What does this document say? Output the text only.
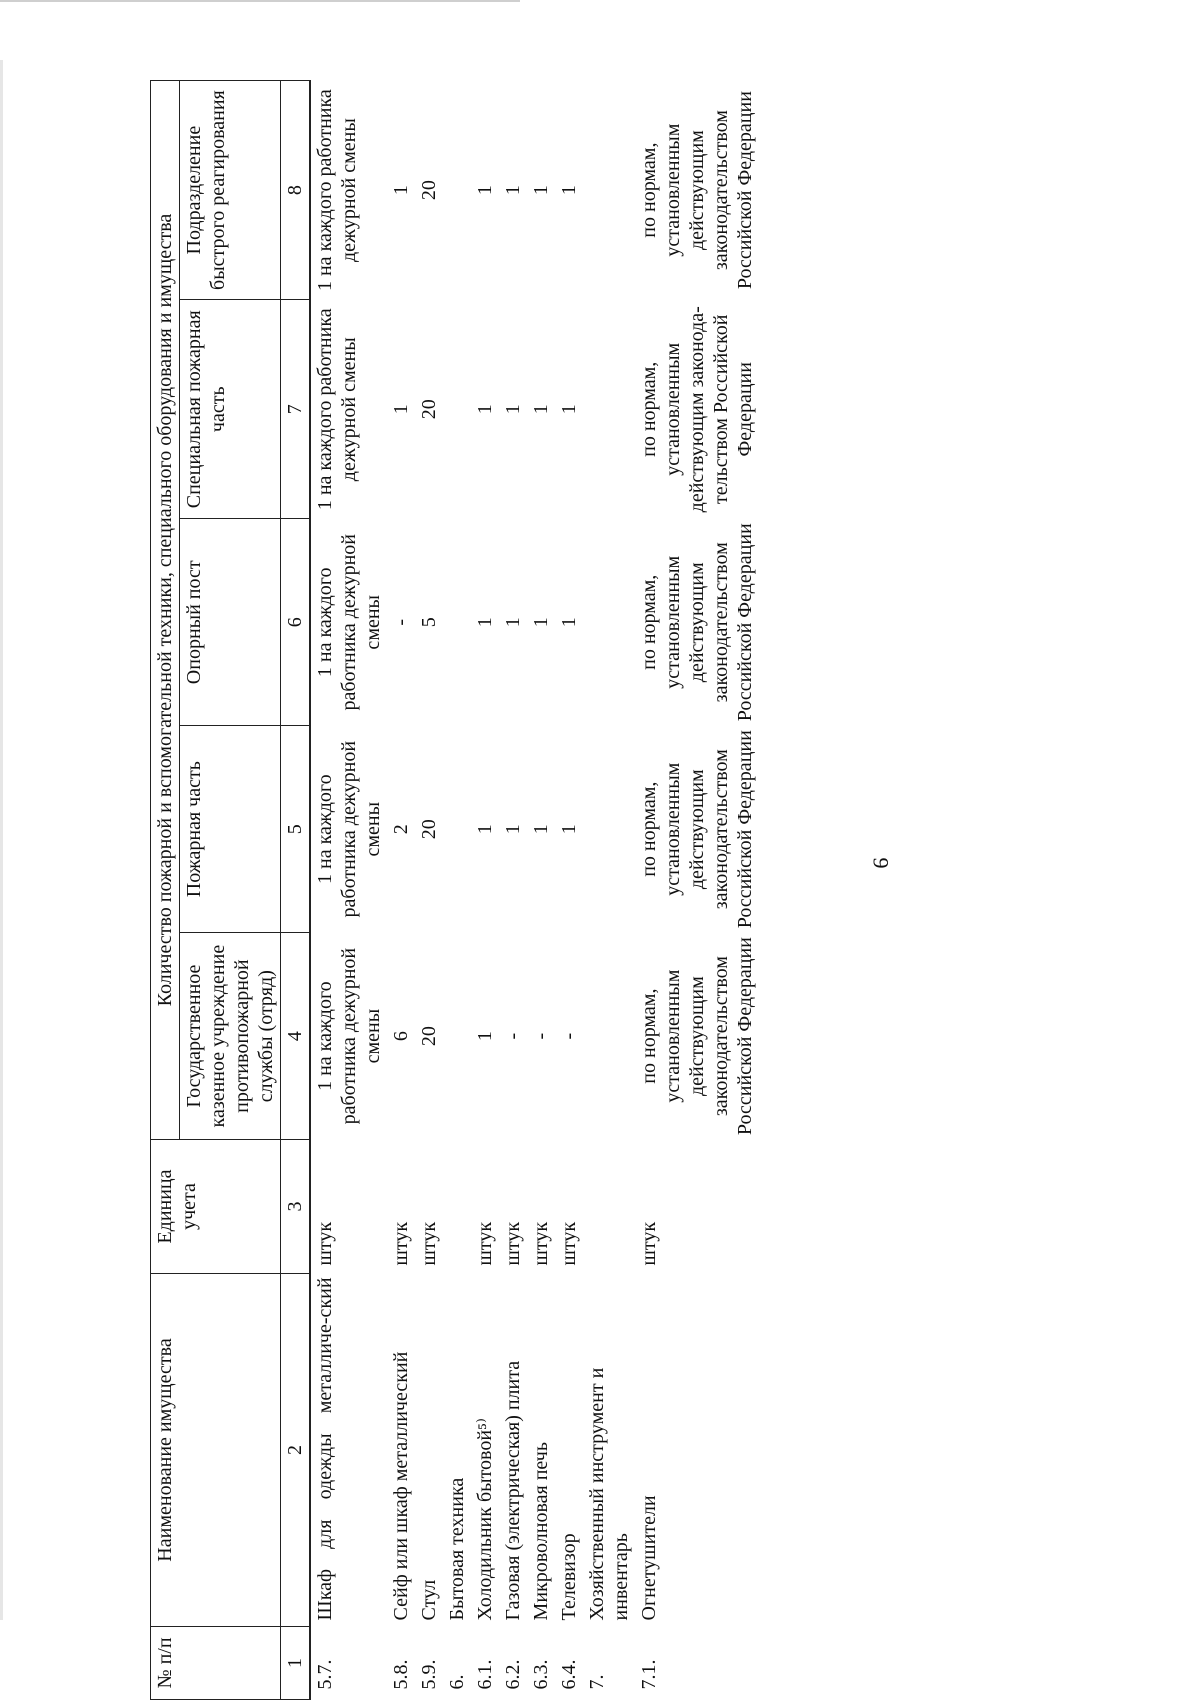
9
№ п/п	Наименование имущества	Единица учета	Количество пожарной и вспомогательной техники, специального оборудования и имущества				
			Государственное казенное учреждение противопожарной службы (отряд)	Пожарная часть	Опорный пост	Специальная пожарная часть	Подразделение быстрого реагирования
1	2	3	4	5	6	7	8
5.7.	Шкаф для одежды металличе-ский	штук	1 на каждого работника дежурной смены	1 на каждого работника дежурной смены	1 на каждого работника дежурной смены	1 на каждого работника дежурной смены	1 на каждого работника дежурной смены
5.8.	Сейф или шкаф металлический	штук	6	2	-	1	1
5.9.	Стул	штук	20	20	5	20	20
6.	Бытовая техника						
6.1.	Холодильник бытовой⁵⁾	штук	1	1	1	1	1
6.2.	Газовая (электрическая) плита	штук	-	1	1	1	1
6.3.	Микроволновая печь	штук	-	1	1	1	1
6.4.	Телевизор	штук	-	1	1	1	1
7.	Хозяйственный инструмент и инвентарь						
7.1.	Огнетушители	штук	по нормам, установленным действующим законодательством Российской Федерации	по нормам, установленным действующим законодательством Российской Федерации	по нормам, установленным действующим законодательством Российской Федерации	по нормам, установленным действующим законода-тельством Российской Федерации	по нормам, установленным действующим законодательством Российской Федерации
